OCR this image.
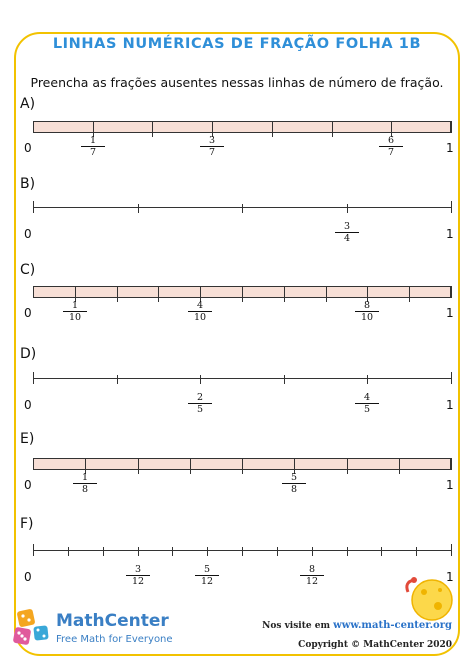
LINHAS NUMÉRICAS DE FRAÇÃO FOLHA 1B
Preencha as frações ausentes nessas linhas de número de fração.
A)
0	1
$\frac{1}{7}$	$\frac{3}{7}$	$\frac{6}{7}$
B)
0	1
$\frac{3}{4}$
C)
0	1
$\frac{1}{10}$	$\frac{4}{10}$	$\frac{8}{10}$
D)
0	1
$\frac{2}{5}$	$\frac{4}{5}$
E)
0	1
$\frac{1}{8}$	$\frac{5}{8}$
F)
0	1
$\frac{3}{12}$	$\frac{5}{12}$	$\frac{8}{12}$
MathCenter
Free Math for Everyone
Nos visite em www.math-center.org
Copyright © MathCenter 2020
